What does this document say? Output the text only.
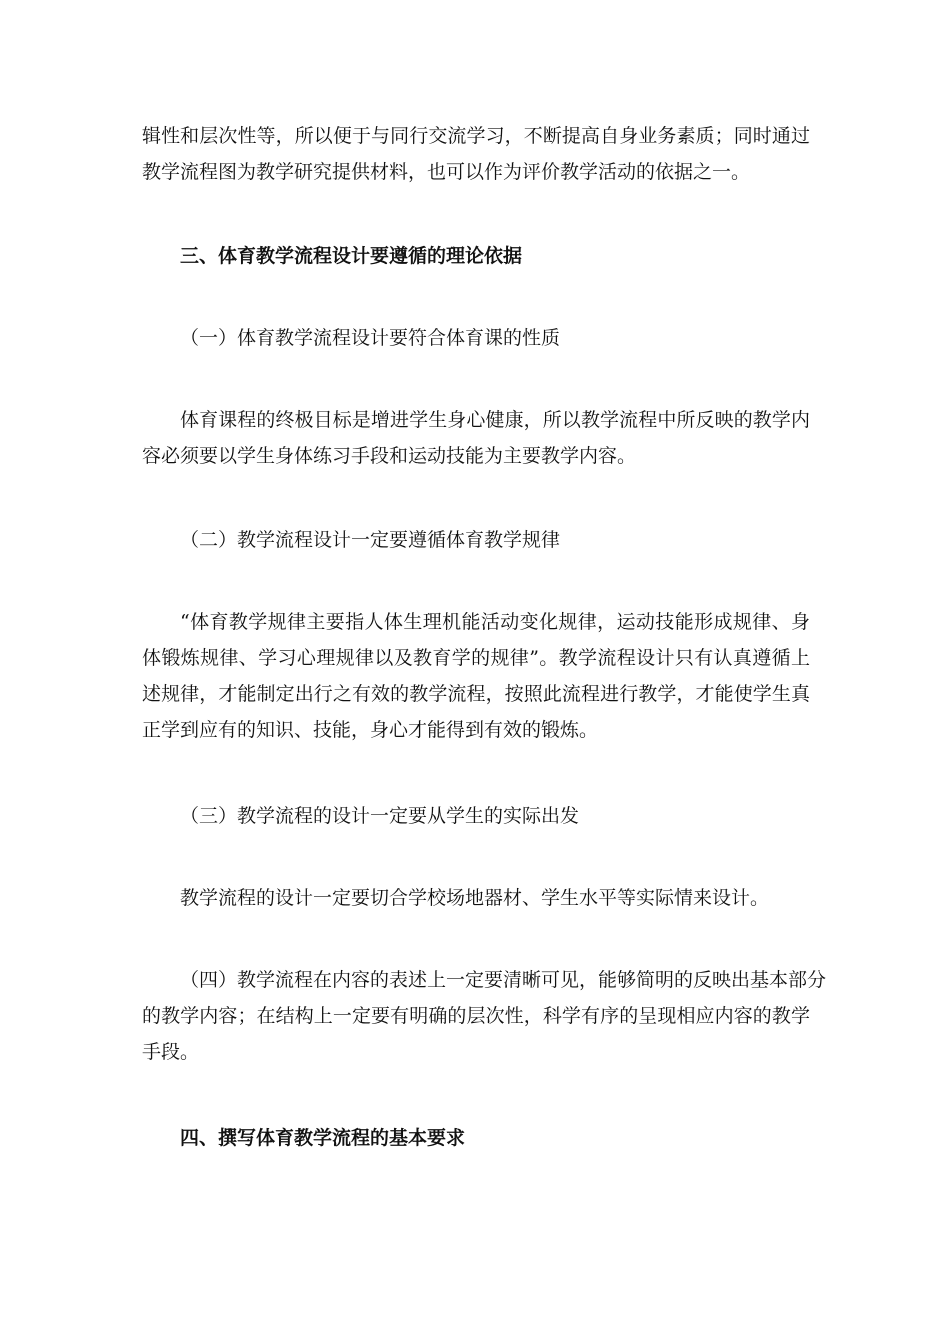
辑性和层次性等，所以便于与同行交流学习，不断提高自身业务素质；同时通过
教学流程图为教学研究提供材料，也可以作为评价教学活动的依据之一。

三、体育教学流程设计要遵循的理论依据

（一）体育教学流程设计要符合体育课的性质

体育课程的终极目标是增进学生身心健康，所以教学流程中所反映的教学内
容必须要以学生身体练习手段和运动技能为主要教学内容。

（二）教学流程设计一定要遵循体育教学规律

“体育教学规律主要指人体生理机能活动变化规律，运动技能形成规律、身
体锻炼规律、学习心理规律以及教育学的规律”。教学流程设计只有认真遵循上
述规律，才能制定出行之有效的教学流程，按照此流程进行教学，才能使学生真
正学到应有的知识、技能，身心才能得到有效的锻炼。

（三）教学流程的设计一定要从学生的实际出发

教学流程的设计一定要切合学校场地器材、学生水平等实际情来设计。

（四）教学流程在内容的表述上一定要清晰可见，能够简明的反映出基本部分
的教学内容；在结构上一定要有明确的层次性，科学有序的呈现相应内容的教学
手段。

四、撰写体育教学流程的基本要求
